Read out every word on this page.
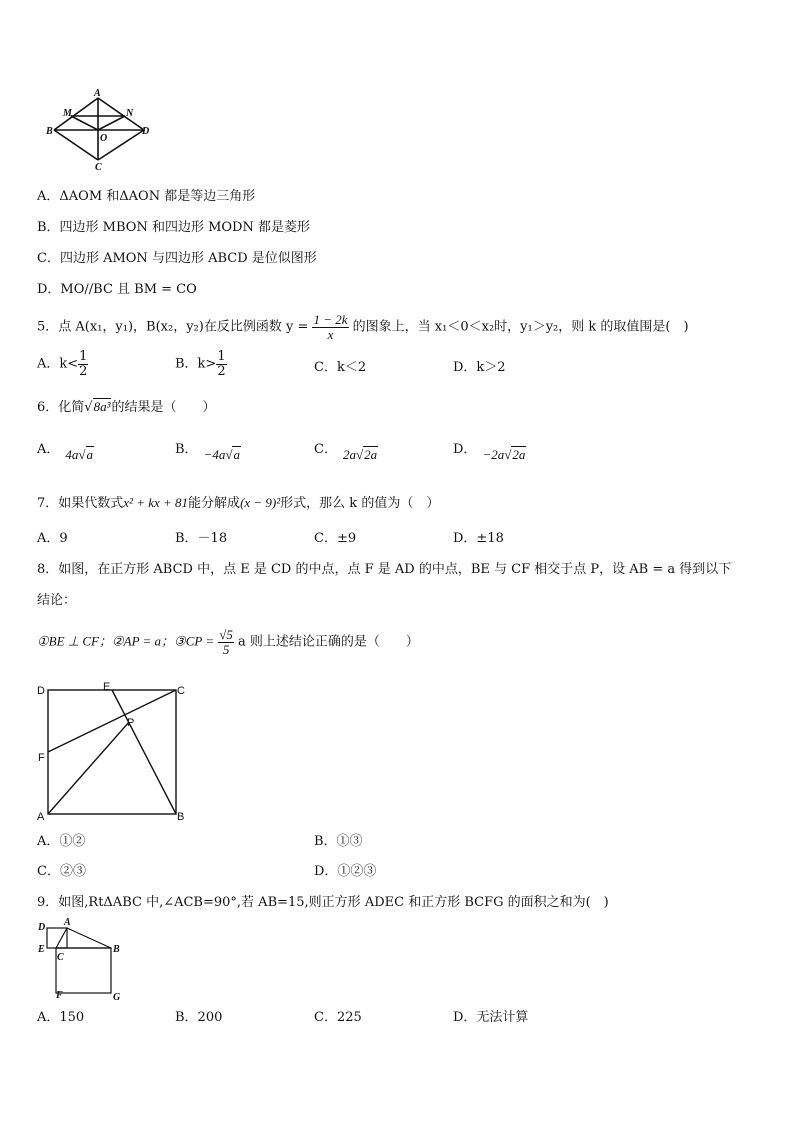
A
M	N
B
O
D
C
A．ΔAOM 和ΔAON 都是等边三角形
B．四边形 MBON 和四边形 MODN 都是菱形
C．四边形 AMON 与四边形 ABCD 是位似图形
D．MO//BC 且 BM = CO
5．点 A(x₁，y₁)，B(x₂，y₂)在反比例函数 $y = \frac{1 - 2k}{x}$ 的图象上，当 x₁＜0＜x₂时，y₁＞y₂，则 k 的取值围是(　)
A．$k< \frac{1}{2}$	B．$k> \frac{1}{2}$	C．k＜2	D．k＞2
6．化简√8a³的结果是（　　）
A． 4a√a	B． −4a√a	C． 2a√2a	D． −2a√2a
7．如果代数式x² + kx + 81能分解成(x − 9)²形式，那么 k 的值为（　）
A．9	B．－18	C．±9	D．±18
8．如图，在正方形 ABCD 中，点 E 是 CD 的中点，点 F 是 AD 的中点，BE 与 CF 相交于点 P，设 AB = a 得到以下
结论：
①BE ⊥ CF；②AP = a；③CP = $\frac{√5}{5}$ a 则上述结论正确的是（　　）
D	E	C
P
F
A	B
A．①②	B．①③
C．②③	D．①②③
9．如图,RtΔABC 中,∠ACB=90°,若 AB=15,则正方形 ADEC 和正方形 BCFG 的面积之和为(　)
D A
E
C
B
F	G
A．150	B．200	C．225	D．无法计算
